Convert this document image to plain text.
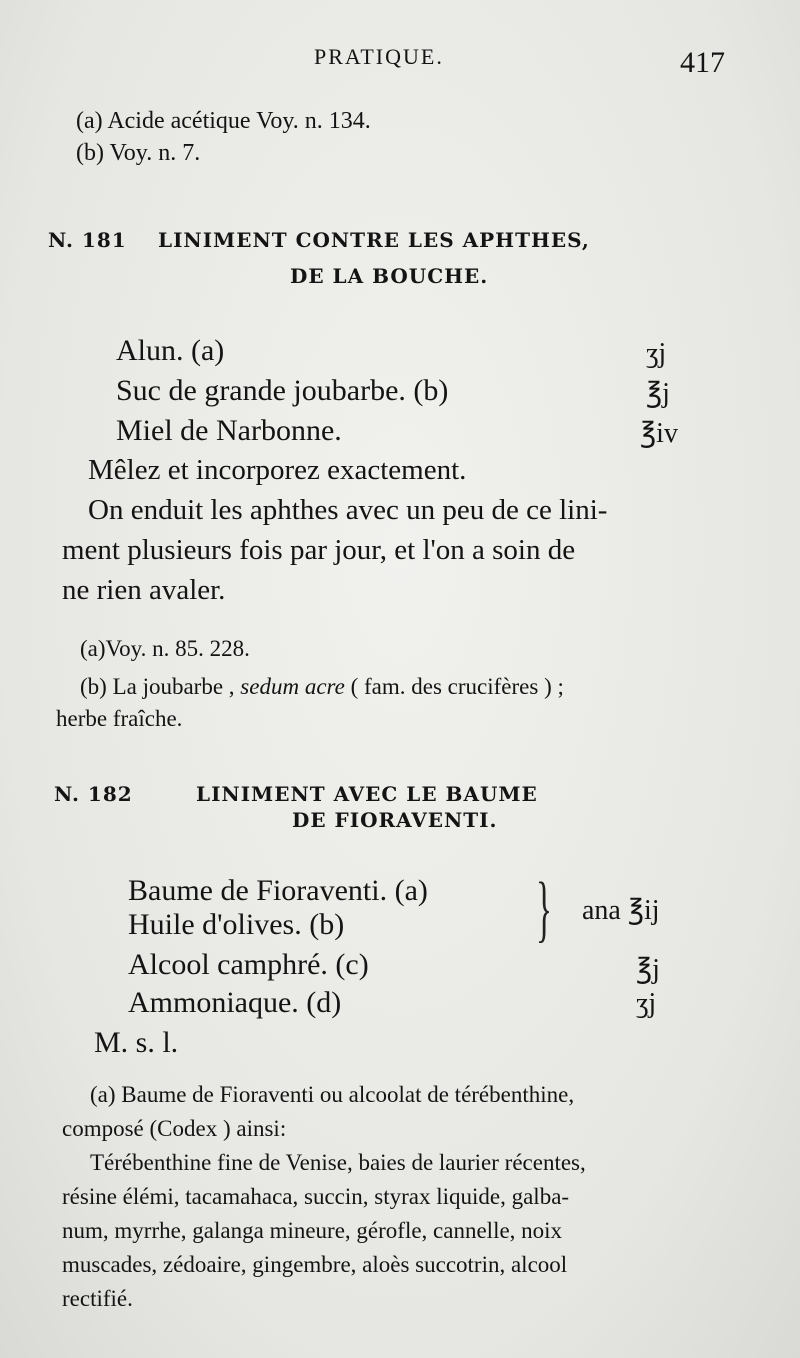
PRATIQUE.	417
(a) Acide acétique Voy. n. 134.
(b) Voy. n. 7.
N. 181 LINIMENT CONTRE LES APHTHES,
DE LA BOUCHE.
Alun. (a)	ʒj
Suc de grande joubarbe. (b)	℥j
Miel de Narbonne.	℥iv
Mêlez et incorporez exactement.
On enduit les aphthes avec un peu de ce lini-
ment plusieurs fois par jour, et l'on a soin de
ne rien avaler.
(a)Voy. n. 85. 228.
(b) La joubarbe , sedum acre ( fam. des crucifères ) ;
herbe fraîche.
N. 182	LINIMENT AVEC LE BAUME
DE FIORAVENTI.
Baume de Fioraventi. (a)
Huile d'olives. (b)	} ana ℥ij
Alcool camphré. (c)	℥j
Ammoniaque. (d)	ʒj
M. s. l.
(a) Baume de Fioraventi ou alcoolat de térébenthine,
composé (Codex ) ainsi:
Térébenthine fine de Venise, baies de laurier récentes,
résine élémi, tacamahaca, succin, styrax liquide, galba-
num, myrrhe, galanga mineure, gérofle, cannelle, noix
muscades, zédoaire, gingembre, aloès succotrin, alcool
rectifié.
